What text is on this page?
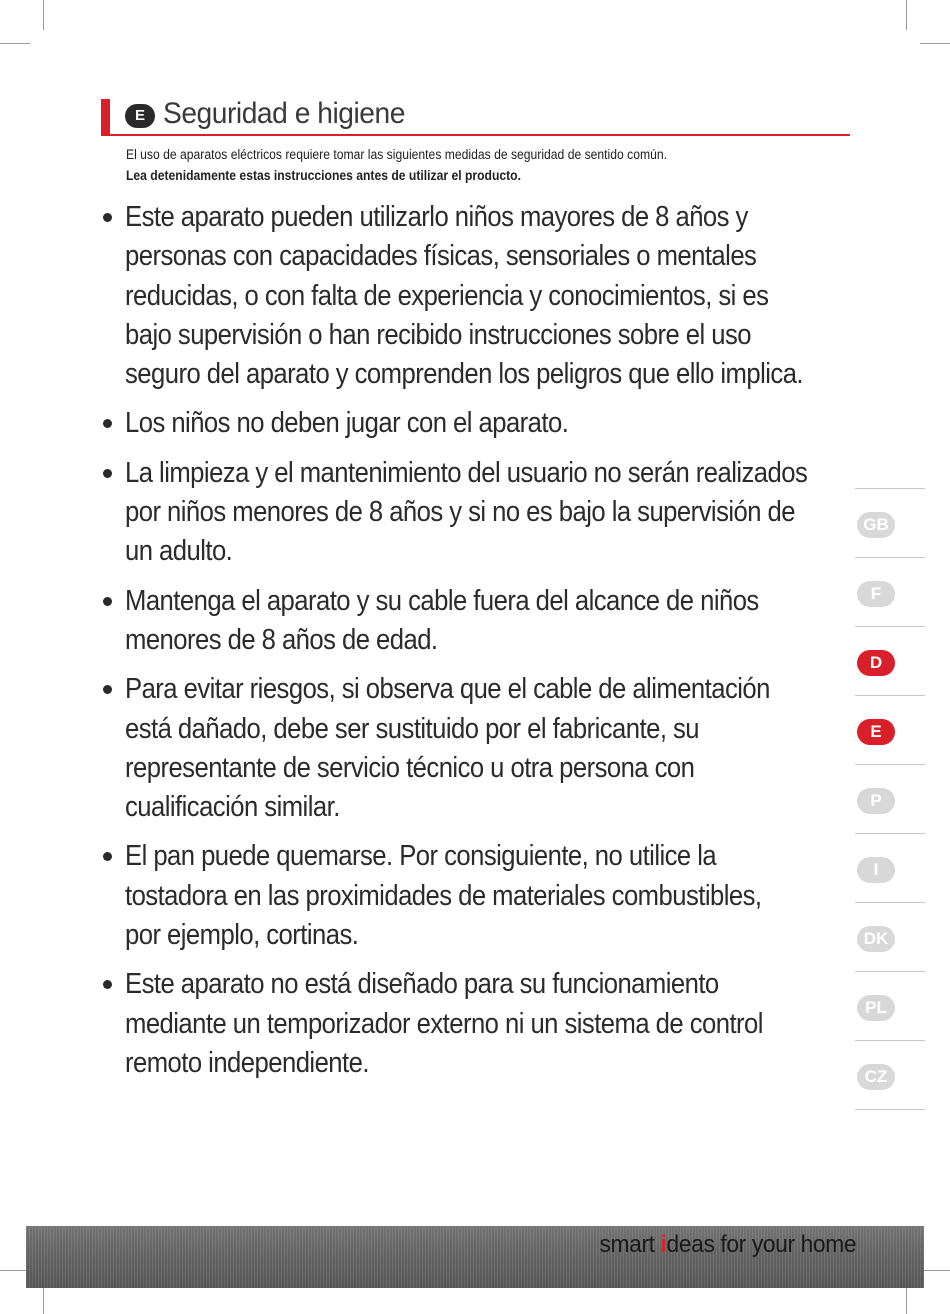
E Seguridad e higiene
El uso de aparatos eléctricos requiere tomar las siguientes medidas de seguridad de sentido común.
Lea detenidamente estas instrucciones antes de utilizar el producto.
Este aparato pueden utilizarlo niños mayores de 8 años y
personas con capacidades físicas, sensoriales o mentales
reducidas, o con falta de experiencia y conocimientos, si es
bajo supervisión o han recibido instrucciones sobre el uso
seguro del aparato y comprenden los peligros que ello implica.
Los niños no deben jugar con el aparato.
La limpieza y el mantenimiento del usuario no serán realizados
por niños menores de 8 años y si no es bajo la supervisión de
un adulto.
Mantenga el aparato y su cable fuera del alcance de niños
menores de 8 años de edad.
Para evitar riesgos, si observa que el cable de alimentación
está dañado, debe ser sustituido por el fabricante, su
representante de servicio técnico u otra persona con
cualificación similar.
El pan puede quemarse. Por consiguiente, no utilice la
tostadora en las proximidades de materiales combustibles,
por ejemplo, cortinas.
Este aparato no está diseñado para su funcionamiento
mediante un temporizador externo ni un sistema de control
remoto independiente.
GB
F
D
E
P
I
DK
PL
CZ
smart ideas for your home
